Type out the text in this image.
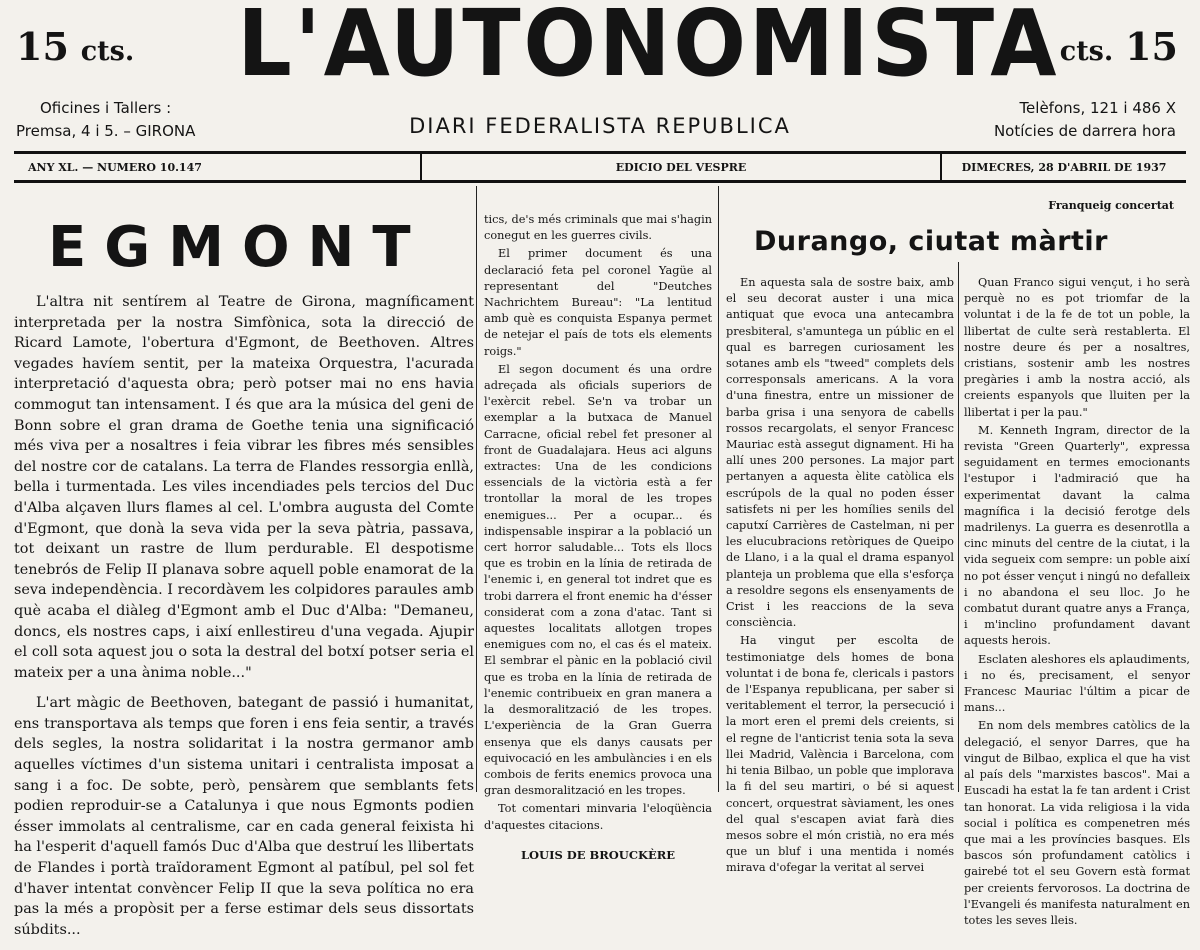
15 cts. L'AUTONOMISTA cts. 15
Oficines i Tallers :
Premsa, 4 i 5. – GIRONA	DIARI FEDERALISTA REPUBLICA
Telèfons, 121 i 486 X
Notícies de darrera hora
ANY XL. — NUMERO 10.147	EDICIO DEL VESPRE	DIMECRES, 28 D'ABRIL DE 1937
Franqueig concertat
EGMONT

L'altra nit sentírem al Teatre de Girona, magníficament interpretada per la nostra Simfònica, sota la direcció de Ricard Lamote, l'obertura d'Egmont, de Beethoven. Altres vegades havíem sentit, per la mateixa Orquestra, l'acurada interpretació d'aquesta obra; però potser mai no ens havia commogut tan intensament. I és que ara la música del geni de Bonn sobre el gran drama de Goethe tenia una significació més viva per a nosaltres i feia vibrar les fibres més sensibles del nostre cor de catalans. La terra de Flandes ressorgia enllà, bella i turmentada. Les viles incendiades pels tercios del Duc d'Alba alçaven llurs flames al cel. L'ombra augusta del Comte d'Egmont, que donà la seva vida per la seva pàtria, passava, tot deixant un rastre de llum perdurable. El despotisme tenebrós de Felip II planava sobre aquell poble enamorat de la seva independència. I recordàvem les colpidores paraules amb què acaba el diàleg d'Egmont amb el Duc d'Alba: "Demaneu, doncs, els nostres caps, i així enllestireu d'una vegada. Ajupir el coll sota aquest jou o sota la destral del botxí potser seria el mateix per a una ànima noble..."

L'art màgic de Beethoven, bategant de passió i humanitat, ens transportava als temps que foren i ens feia sentir, a través dels segles, la nostra solidaritat i la nostra germanor amb aquelles víctimes d'un sistema unitari i centralista imposat a sang i a foc. De sobte, però, pensàrem que semblants fets podien reproduir-se a Catalunya i que nous Egmonts podien ésser immolats al centralisme, car en cada general feixista hi ha l'esperit d'aquell famós Duc d'Alba que destruí les llibertats de Flandes i portà traïdorament Egmont al patíbul, pel sol fet d'haver intentat convèncer Felip II que la seva política no era pas la més a propòsit per a ferse estimar dels seus dissortats súbdits...

tics, de's més criminals que mai s'hagin conegut en les guerres civils.

El primer document és una declaració feta pel coronel Yagüe al representant del "Deutches Nachrichtem Bureau": "La lentitud amb què es conquista Espanya permet de netejar el país de tots els elements roigs."

El segon document és una ordre adreçada als oficials superiors de l'exèrcit rebel. Se'n va trobar un exemplar a la butxaca de Manuel Carracne, oficial rebel fet presoner al front de Guadalajara. Heus aci alguns extractes: Una de les condicions essencials de la victòria està a fer trontollar la moral de les tropes enemigues... Per a ocupar... és indispensable inspirar a la població un cert horror saludable... Tots els llocs que es trobin en la línia de retirada de l'enemic i, en general tot indret que es trobi darrera el front enemic ha d'ésser considerat com a zona d'atac. Tant si aquestes localitats allotgen tropes enemigues com no, el cas és el mateix. El sembrar el pànic en la població civil que es troba en la línia de retirada de l'enemic contribueix en gran manera a la desmoralització de les tropes. L'experiència de la Gran Guerra ensenya que els danys causats per equivocació en les ambulàncies i en els combois de ferits enemics provoca una gran desmoralització en les tropes.

Tot comentari minvaria l'eloqüència d'aquestes citacions.

LOUIS DE BROUCKÈRE
Durango, ciutat màrtir

En aquesta sala de sostre baix, amb el seu decorat auster i una mica antiquat que evoca una antecambra presbiteral, s'amuntega un públic en el qual es barregen curiosament les sotanes amb els "tweed" complets dels corresponsals americans. A la vora d'una finestra, entre un missioner de barba grisa i una senyora de cabells rossos recargolats, el senyor Francesc Mauriac està assegut dignament. Hi ha allí unes 200 persones. La major part pertanyen a aquesta èlite catòlica els escrúpols de la qual no poden ésser satisfets ni per les homílies senils del caputxí Carrières de Castelman, ni per les elucubracions retòriques de Queipo de Llano, i a la qual el drama espanyol planteja un problema que ella s'esforça a resoldre segons els ensenyaments de Crist i les reaccions de la seva consciència.

Ha vingut per escolta de testimoniatge dels homes de bona voluntat i de bona fe, clericals i pastors de l'Espanya republicana, per saber si veritablement el terror, la persecució i la mort eren el premi dels creients, si el regne de l'anticrist tenia sota la seva llei Madrid, València i Barcelona, com hi tenia Bilbao, un poble que implorava la fi del seu martiri, o bé si aquest concert, orquestrat sàviament, les ones del qual s'escapen aviat farà dies mesos sobre el món cristià, no era més que un bluf i una mentida i només mirava d'ofegar la veritat al servei

Quan Franco sigui vençut, i ho serà perquè no es pot triomfar de la voluntat i de la fe de tot un poble, la llibertat de culte serà restablerta. El nostre deure és per a nosaltres, cristians, sostenir amb les nostres pregàries i amb la nostra acció, als creients espanyols que lluiten per la llibertat i per la pau."

M. Kenneth Ingram, director de la revista "Green Quarterly", expressa seguidament en termes emocionants l'estupor i l'admiració que ha experimentat davant la calma magnífica i la decisió ferotge dels madrilenys. La guerra es desenrotlla a cinc minuts del centre de la ciutat, i la vida segueix com sempre: un poble així no pot ésser vençut i ningú no defalleix i no abandona el seu lloc. Jo he combatut durant quatre anys a França, i m'inclino profundament davant aquests herois.

Esclaten aleshores els aplaudiments, i no és, precisament, el senyor Francesc Mauriac l'últim a picar de mans...

En nom dels membres catòlics de la delegació, el senyor Darres, que ha vingut de Bilbao, explica el que ha vist al país dels "marxistes bascos". Mai a Euscadi ha estat la fe tan ardent i Crist tan honorat. La vida religiosa i la vida social i política es compenetren més que mai a les províncies basques. Els bascos són profundament catòlics i gairebé tot el seu Govern està format per creients fervorosos. La doctrina de l'Evangeli és manifesta naturalment en totes les seves lleis.
